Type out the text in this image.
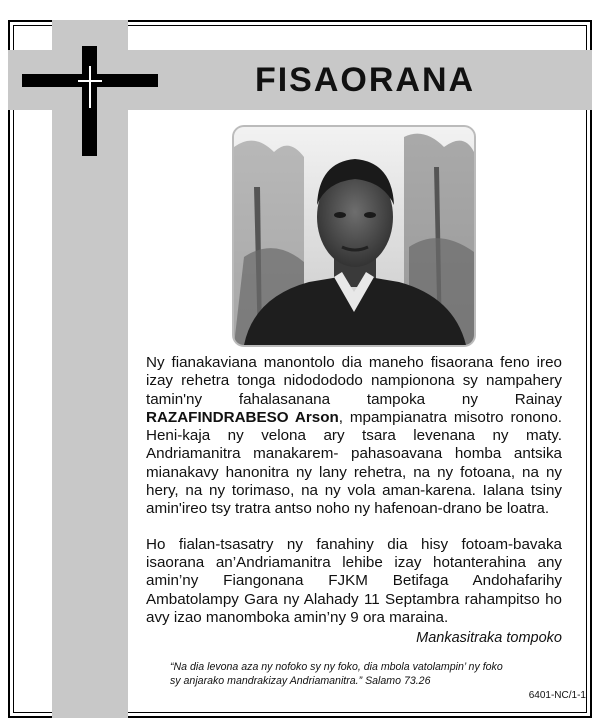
FISAORANA

Ny fianakaviana manontolo dia maneho fisaorana feno ireo izay rehetra tonga nidodododo nampionona sy nampahery tamin'ny fahalasanana tampoka ny Rainay RAZAFINDRABESO Arson, mpampianatra misotro ronono. Heni-kaja ny velona ary tsara levenana ny maty. Andriamanitra manakarem- pahasoavana homba antsika mianakavy hanonitra ny lany rehetra, na ny fotoana, na ny hery, na ny torimaso, na ny vola aman-karena. Ialana tsiny amin'ireo tsy tratra antso noho ny hafenoan-drano be loatra.

Ho fialan-tsasatry ny fanahiny dia hisy fotoam-bavaka isaorana an’Andriamanitra lehibe izay hotanterahina any amin’ny Fiangonana FJKM Betifaga Andohafarihy Ambatolampy Gara ny Alahady 11 Septambra rahampitso ho avy izao manomboka amin’ny 9 ora maraina.

Mankasitraka tompoko
“Na dia levona aza ny nofoko sy ny foko, dia mbola vatolampin’ ny foko
sy anjarako mandrakizay Andriamanitra.” Salamo 73.26
6401-NC/1-1
